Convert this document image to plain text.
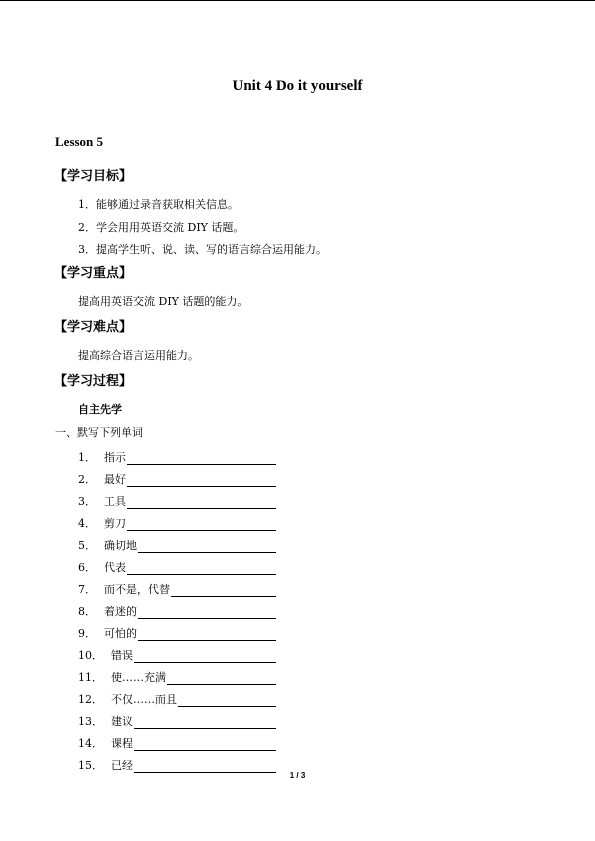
Unit 4 Do it yourself
Lesson 5
【学习目标】
1．能够通过录音获取相关信息。
2．学会用用英语交流 DIY 话题。
3．提高学生听、说、读、写的语言综合运用能力。
【学习重点】
提高用英语交流 DIY 话题的能力。
【学习难点】
提高综合语言运用能力。
【学习过程】
自主先学
一、默写下列单词
1． 指示
2． 最好
3． 工具
4． 剪刀
5． 确切地
6． 代表
7． 而不是，代替
8． 着迷的
9． 可怕的
10． 错误
11． 使……充满
12． 不仅……而且
13． 建议
14． 课程
15． 已经
1 / 3
